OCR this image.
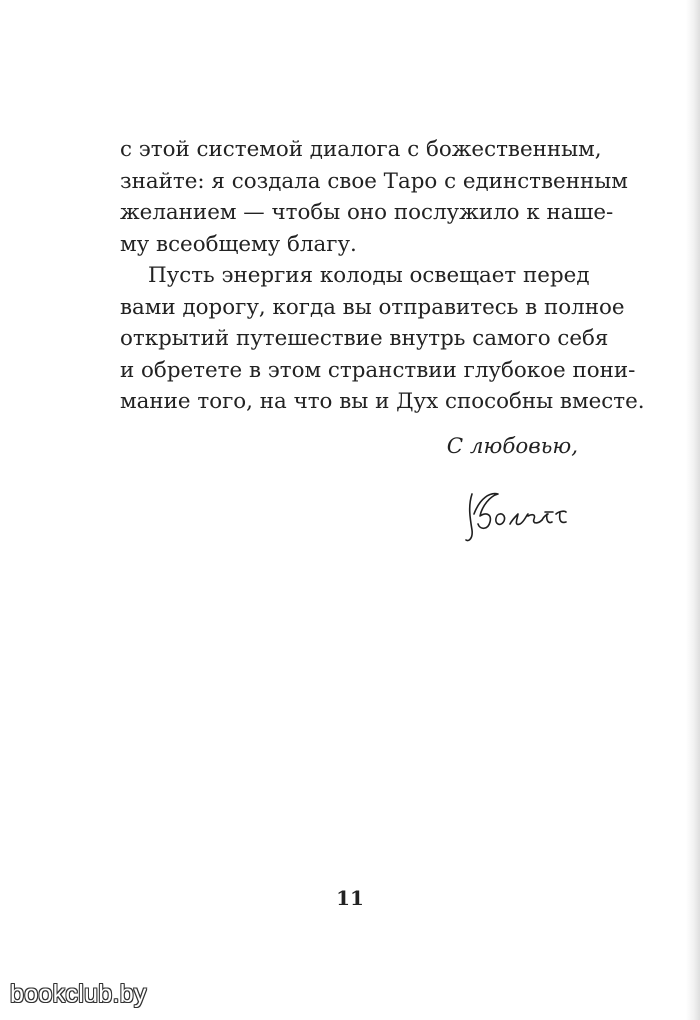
с этой системой диалога с божественным,
знайте: я создала свое Таро с единственным
желанием — чтобы оно послужило к наше-
му всеобщему благу.
Пусть энергия колоды освещает перед
вами дорогу, когда вы отправитесь в полное
открытий путешествие внутрь самого себя
и обретете в этом странствии глубокое пони-
мание того, на что вы и Дух способны вместе.
С любовью,
11
bookclub.by
